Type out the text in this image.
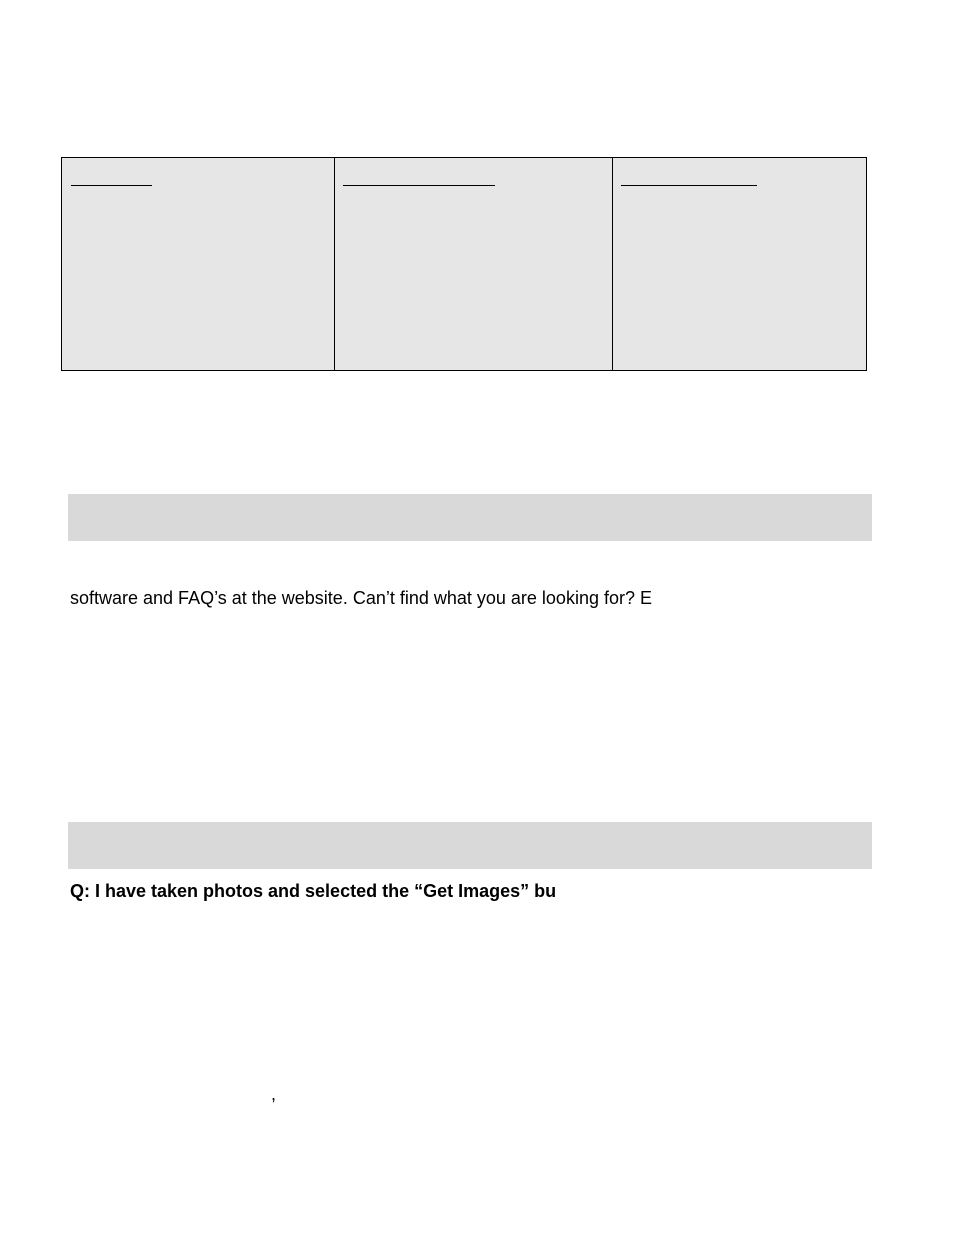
software and FAQ’s at the website. Can’t find what you are looking for? E
Q: I have taken photos and selected the “Get Images” bu
,
